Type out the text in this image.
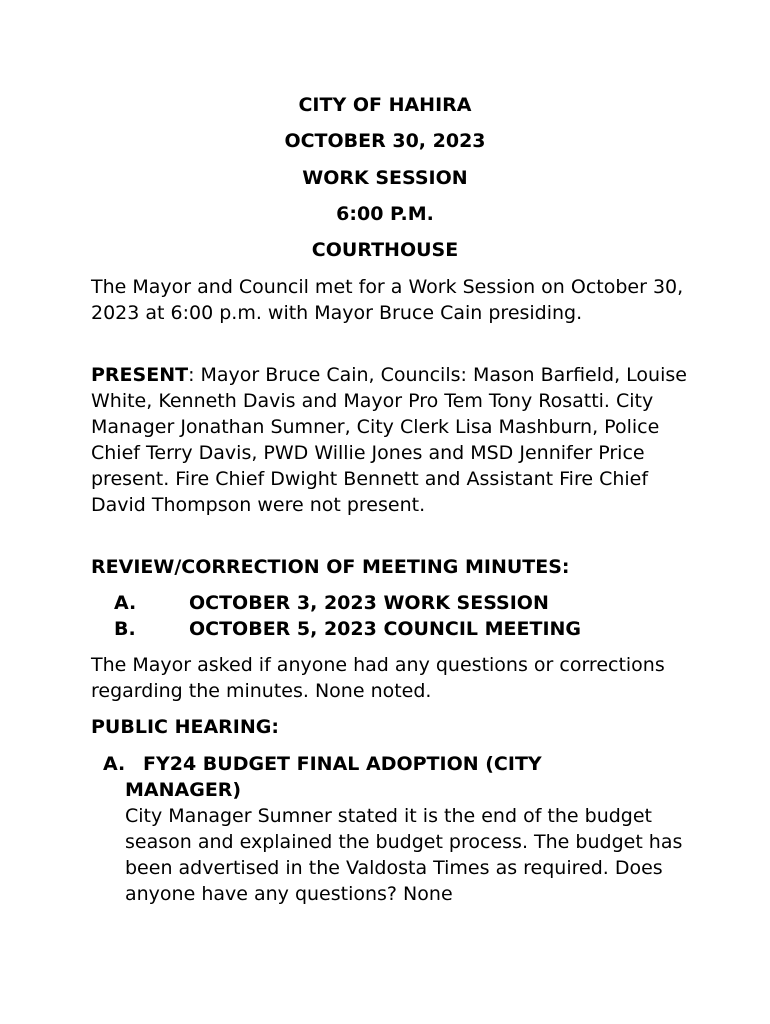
CITY OF HAHIRA
OCTOBER 30, 2023
WORK SESSION
6:00 P.M.
COURTHOUSE

The Mayor and Council met for a Work Session on October 30, 2023 at 6:00 p.m. with Mayor Bruce Cain presiding.

PRESENT: Mayor Bruce Cain, Councils: Mason Barfield, Louise White, Kenneth Davis and Mayor Pro Tem Tony Rosatti. City Manager Jonathan Sumner, City Clerk Lisa Mashburn, Police Chief Terry Davis, PWD Willie Jones and MSD Jennifer Price present. Fire Chief Dwight Bennett and Assistant Fire Chief David Thompson were not present.

REVIEW/CORRECTION OF MEETING MINUTES:
A.	OCTOBER 3, 2023 WORK SESSION
B.	OCTOBER 5, 2023 COUNCIL MEETING

The Mayor asked if anyone had any questions or corrections regarding the minutes. None noted.

PUBLIC HEARING:
A. FY24 BUDGET FINAL ADOPTION (CITY
MANAGER)
City Manager Sumner stated it is the end of the budget season and explained the budget process. The budget has been advertised in the Valdosta Times as required. Does anyone have any questions? None
